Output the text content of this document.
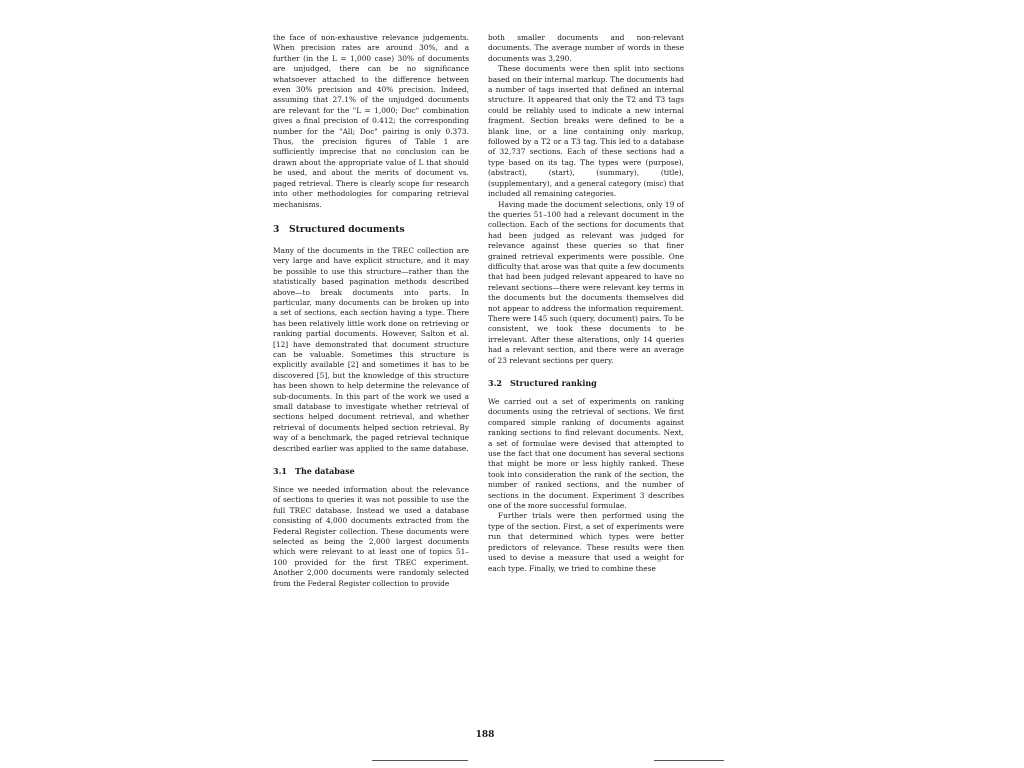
the face of non-exhaustive relevance judgements. When precision rates are around 30%, and a further (in the L = 1,000 case) 30% of documents are unjudged, there can be no significance whatsoever attached to the difference between even 30% precision and 40% precision. Indeed, assuming that 27.1% of the unjudged documents are relevant for the "L = 1,000; Doc" combination gives a final precision of 0.412; the corresponding number for the "All; Doc" pairing is only 0.373. Thus, the precision figures of Table 1 are sufficiently imprecise that no conclusion can be drawn about the appropriate value of L that should be used, and about the merits of document vs. paged retrieval. There is clearly scope for research into other methodologies for comparing retrieval mechanisms.

3 Structured documents

Many of the documents in the TREC collection are very large and have explicit structure, and it may be possible to use this structure—rather than the statistically based pagination methods described above—to break documents into parts. In particular, many documents can be broken up into a set of sections, each section having a type. There has been relatively little work done on retrieving or ranking partial documents. However, Salton et al. [12] have demonstrated that document structure can be valuable. Sometimes this structure is explicitly available [2] and sometimes it has to be discovered [5], but the knowledge of this structure has been shown to help determine the relevance of sub-documents. In this part of the work we used a small database to investigate whether retrieval of sections helped document retrieval, and whether retrieval of documents helped section retrieval. By way of a benchmark, the paged retrieval technique described earlier was applied to the same database.

3.1 The database

Since we needed information about the relevance of sections to queries it was not possible to use the full TREC database. Instead we used a database consisting of 4,000 documents extracted from the Federal Register collection. These documents were selected as being the 2,000 largest documents which were relevant to at least one of topics 51–100 provided for the first TREC experiment. Another 2,000 documents were randomly selected from the Federal Register collection to provide

both smaller documents and non-relevant documents. The average number of words in these documents was 3,290.

These documents were then split into sections based on their internal markup. The documents had a number of tags inserted that defined an internal structure. It appeared that only the T2 and T3 tags could be reliably used to indicate a new internal fragment. Section breaks were defined to be a blank line, or a line containing only markup, followed by a T2 or a T3 tag. This led to a database of 32,737 sections. Each of these sections had a type based on its tag. The types were (purpose), (abstract), (start), (summary), (title), (supplementary), and a general category (misc) that included all remaining categories.

Having made the document selections, only 19 of the queries 51–100 had a relevant document in the collection. Each of the sections for documents that had been judged as relevant was judged for relevance against these queries so that finer grained retrieval experiments were possible. One difficulty that arose was that quite a few documents that had been judged relevant appeared to have no relevant sections—there were relevant key terms in the documents but the documents themselves did not appear to address the information requirement. There were 145 such (query, document) pairs. To be consistent, we took these documents to be irrelevant. After these alterations, only 14 queries had a relevant section, and there were an average of 23 relevant sections per query.

3.2 Structured ranking

We carried out a set of experiments on ranking documents using the retrieval of sections. We first compared simple ranking of documents against ranking sections to find relevant documents. Next, a set of formulae were devised that attempted to use the fact that one document has several sections that might be more or less highly ranked. These took into consideration the rank of the section, the number of ranked sections, and the number of sections in the document. Experiment 3 describes one of the more successful formulae.

Further trials were then performed using the type of the section. First, a set of experiments were run that determined which types were better predictors of relevance. These results were then used to devise a measure that used a weight for each type. Finally, we tried to combine these

188
